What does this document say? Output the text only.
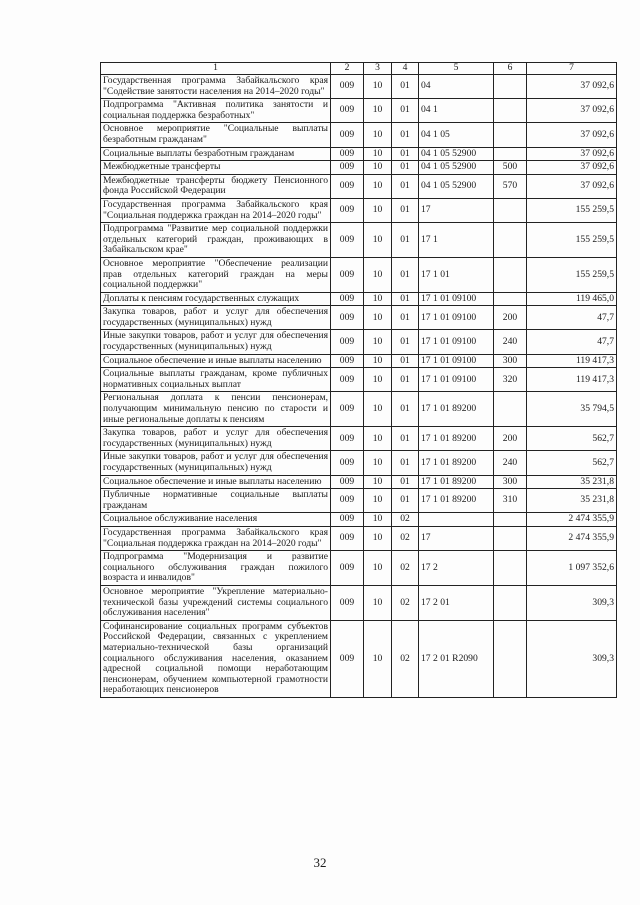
1	2	3	4	5	6	7
Государственная программа Забайкальского края "Содействие занятости населения на 2014–2020 годы"	009	10	01	04		37 092,6
Подпрограмма "Активная политика занятости и социальная поддержка безработных"	009	10	01	04 1		37 092,6
Основное мероприятие "Социальные выплаты безработным гражданам"	009	10	01	04 1 05		37 092,6
Социальные выплаты безработным гражданам	009	10	01	04 1 05 52900		37 092,6
Межбюджетные трансферты	009	10	01	04 1 05 52900	500	37 092,6
Межбюджетные трансферты бюджету Пенсионного фонда Российской Федерации	009	10	01	04 1 05 52900	570	37 092,6
Государственная программа Забайкальского края "Социальная поддержка граждан на 2014–2020 годы"	009	10	01	17		155 259,5
Подпрограмма "Развитие мер социальной поддержки отдельных категорий граждан, проживающих в Забайкальском крае"	009	10	01	17 1		155 259,5
Основное мероприятие "Обеспечение реализации прав отдельных категорий граждан на меры социальной поддержки"	009	10	01	17 1 01		155 259,5
Доплаты к пенсиям государственных служащих	009	10	01	17 1 01 09100		119 465,0
Закупка товаров, работ и услуг для обеспечения государственных (муниципальных) нужд	009	10	01	17 1 01 09100	200	47,7
Иные закупки товаров, работ и услуг для обеспечения государственных (муниципальных) нужд	009	10	01	17 1 01 09100	240	47,7
Социальное обеспечение и иные выплаты населению	009	10	01	17 1 01 09100	300	119 417,3
Социальные выплаты гражданам, кроме публичных нормативных социальных выплат	009	10	01	17 1 01 09100	320	119 417,3
Региональная доплата к пенсии пенсионерам, получающим минимальную пенсию по старости и иные региональные доплаты к пенсиям	009	10	01	17 1 01 89200		35 794,5
Закупка товаров, работ и услуг для обеспечения государственных (муниципальных) нужд	009	10	01	17 1 01 89200	200	562,7
Иные закупки товаров, работ и услуг для обеспечения государственных (муниципальных) нужд	009	10	01	17 1 01 89200	240	562,7
Социальное обеспечение и иные выплаты населению	009	10	01	17 1 01 89200	300	35 231,8
Публичные нормативные социальные выплаты гражданам	009	10	01	17 1 01 89200	310	35 231,8
Социальное обслуживание населения	009	10	02			2 474 355,9
Государственная программа Забайкальского края "Социальная поддержка граждан на 2014–2020 годы"	009	10	02	17		2 474 355,9
Подпрограмма "Модернизация и развитие социального обслуживания граждан пожилого возраста и инвалидов"	009	10	02	17 2		1 097 352,6
Основное мероприятие "Укрепление материально-технической базы учреждений системы социального обслуживания населения"	009	10	02	17 2 01		309,3
Софинансирование социальных программ субъектов Российской Федерации, связанных с укреплением материально-технической базы организаций социального обслуживания населения, оказанием адресной социальной помощи неработающим пенсионерам, обучением компьютерной грамотности неработающих пенсионеров	009	10	02	17 2 01 R2090		309,3
32
